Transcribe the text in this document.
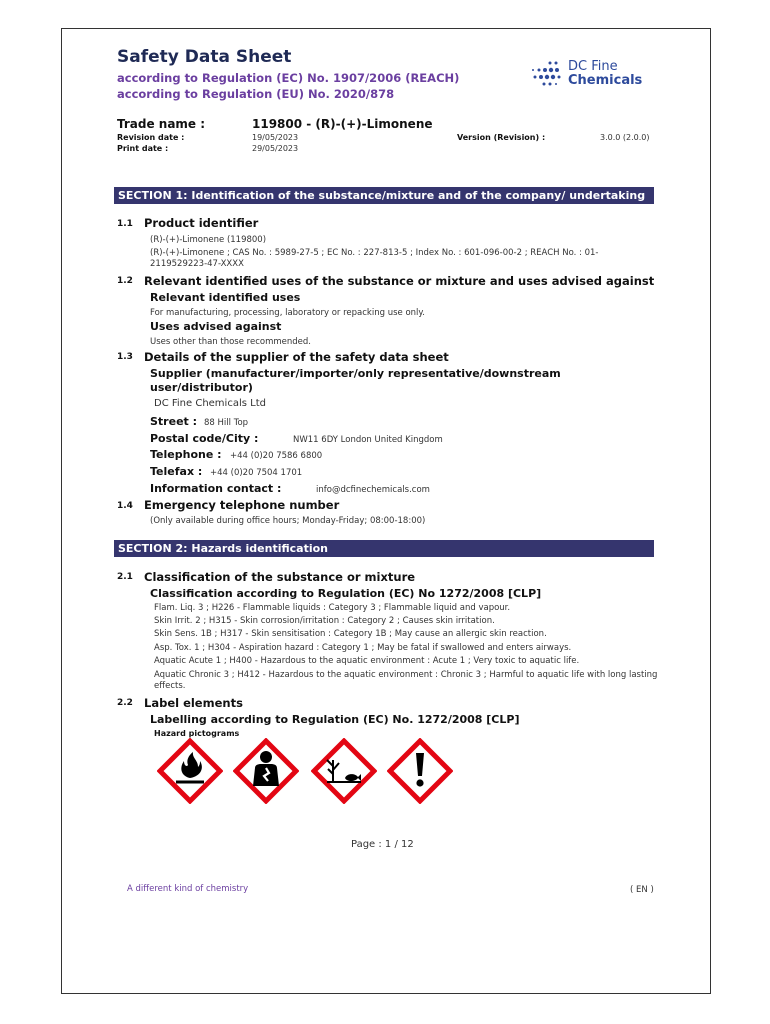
Safety Data Sheet
according to Regulation (EC) No. 1907/2006 (REACH)
according to Regulation (EU) No. 2020/878
DC Fine
Chemicals
Trade name :	119800 - (R)-(+)-Limonene
Revision date :	19/05/2023
Print date :	29/05/2023
Version (Revision) :	3.0.0 (2.0.0)
SECTION 1: Identification of the substance/mixture and of the company/ undertaking
1.1 Product identifier
(R)-(+)-Limonene (119800)
(R)-(+)-Limonene ; CAS No. : 5989-27-5 ; EC No. : 227-813-5 ; Index No. : 601-096-00-2 ; REACH No. : 01-
2119529223-47-XXXX
1.2 Relevant identified uses of the substance or mixture and uses advised against
Relevant identified uses
For manufacturing, processing, laboratory or repacking use only.
Uses advised against
Uses other than those recommended.
1.3 Details of the supplier of the safety data sheet
Supplier (manufacturer/importer/only representative/downstream
user/distributor)
DC Fine Chemicals Ltd
Street : 88 Hill Top
Postal code/City :	NW11 6DY London United Kingdom
Telephone : +44 (0)20 7586 6800
Telefax : +44 (0)20 7504 1701
Information contact :	info@dcfinechemicals.com
1.4 Emergency telephone number
(Only available during office hours; Monday-Friday; 08:00-18:00)
SECTION 2: Hazards identification
2.1 Classification of the substance or mixture
Classification according to Regulation (EC) No 1272/2008 [CLP]
Flam. Liq. 3 ; H226 - Flammable liquids : Category 3 ; Flammable liquid and vapour.
Skin Irrit. 2 ; H315 - Skin corrosion/irritation : Category 2 ; Causes skin irritation.
Skin Sens. 1B ; H317 - Skin sensitisation : Category 1B ; May cause an allergic skin reaction.
Asp. Tox. 1 ; H304 - Aspiration hazard : Category 1 ; May be fatal if swallowed and enters airways.
Aquatic Acute 1 ; H400 - Hazardous to the aquatic environment : Acute 1 ; Very toxic to aquatic life.
Aquatic Chronic 3 ; H412 - Hazardous to the aquatic environment : Chronic 3 ; Harmful to aquatic life with long lasting
effects.
2.2 Label elements
Labelling according to Regulation (EC) No. 1272/2008 [CLP]
Hazard pictograms
Page : 1 / 12
A different kind of chemistry	( EN )
